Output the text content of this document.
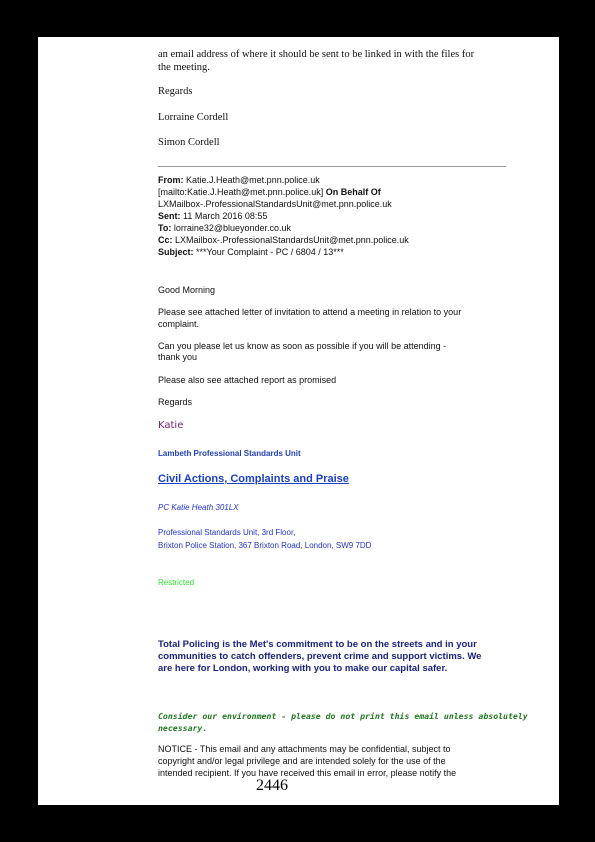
an email address of where it should be sent to be linked in with the files for
the meeting.
Regards
Lorraine Cordell
Simon Cordell
From: Katie.J.Heath@met.pnn.police.uk
[mailto:Katie.J.Heath@met.pnn.police.uk] On Behalf Of
LXMailbox-.ProfessionalStandardsUnit@met.pnn.police.uk
Sent: 11 March 2016 08:55
To: lorraine32@blueyonder.co.uk
Cc: LXMailbox-.ProfessionalStandardsUnit@met.pnn.police.uk
Subject: ***Your Complaint - PC / 6804 / 13***
Good Morning
Please see attached letter of invitation to attend a meeting in relation to your
complaint.
Can you please let us know as soon as possible if you will be attending -
thank you
Please also see attached report as promised
Regards
Katie
Lambeth Professional Standards Unit
Civil Actions, Complaints and Praise
PC Katie Heath 301LX
Professional Standards Unit, 3rd Floor,
Brixton Police Station, 367 Brixton Road, London, SW9 7DD
Restricted
Total Policing is the Met's commitment to be on the streets and in your
communities to catch offenders, prevent crime and support victims. We
are here for London, working with you to make our capital safer.
Consider our environment - please do not print this email unless absolutely
necessary.
NOTICE - This email and any attachments may be confidential, subject to
copyright and/or legal privilege and are intended solely for the use of the
intended recipient. If you have received this email in error, please notify the
2446
